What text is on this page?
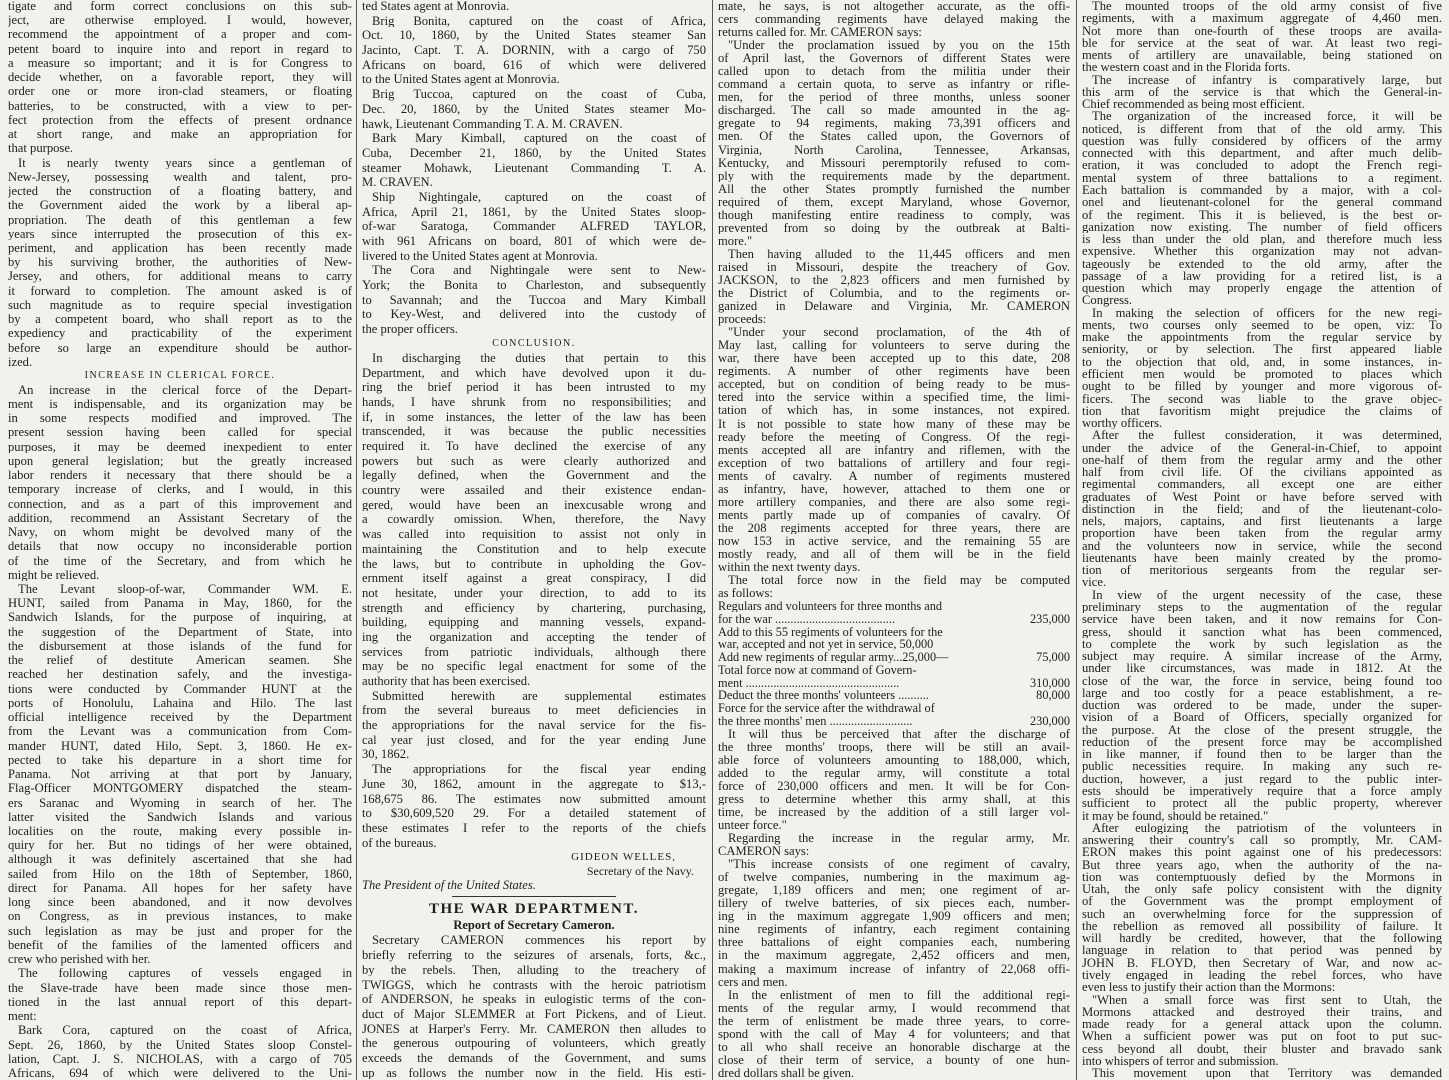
tigate and form correct conclusions on this sub-
ject, are otherwise employed. I would, however,
recommend the appointment of a proper and com-
petent board to inquire into and report in regard to
a measure so important; and it is for Congress to
decide whether, on a favorable report, they will
order one or more iron-clad steamers, or floating
batteries, to be constructed, with a view to per-
fect protection from the effects of present ordnance
at short range, and make an appropriation for
that purpose.
It is nearly twenty years since a gentleman of
New-Jersey, possessing wealth and talent, pro-
jected the construction of a floating battery, and
the Government aided the work by a liberal ap-
propriation. The death of this gentleman a few
years since interrupted the prosecution of this ex-
periment, and application has been recently made
by his surviving brother, the authorities of New-
Jersey, and others, for additional means to carry
it forward to completion. The amount asked is of
such magnitude as to require special investigation
by a competent board, who shall report as to the
expediency and practicability of the experiment
before so large an expenditure should be author-
ized.
INCREASE IN CLERICAL FORCE.
An increase in the clerical force of the Depart-
ment is indispensable, and its organization may be
in some respects modified and improved. The
present session having been called for special
purposes, it may be deemed inexpedient to enter
upon general legislation; but the greatly increased
labor renders it necessary that there should be a
temporary increase of clerks, and I would, in this
connection, and as a part of this improvement and
addition, recommend an Assistant Secretary of the
Navy, on whom might be devolved many of the
details that now occupy no inconsiderable portion
of the time of the Secretary, and from which he
might be relieved.
The Levant sloop-of-war, Commander WM. E.
HUNT, sailed from Panama in May, 1860, for the
Sandwich Islands, for the purpose of inquiring, at
the suggestion of the Department of State, into
the disbursement at those islands of the fund for
the relief of destitute American seamen. She
reached her destination safely, and the investiga-
tions were conducted by Commander HUNT at the
ports of Honolulu, Lahaina and Hilo. The last
official intelligence received by the Department
from the Levant was a communication from Com-
mander HUNT, dated Hilo, Sept. 3, 1860. He ex-
pected to take his departure in a short time for
Panama. Not arriving at that port by January,
Flag-Officer MONTGOMERY dispatched the steam-
ers Saranac and Wyoming in search of her. The
latter visited the Sandwich Islands and various
localities on the route, making every possible in-
quiry for her. But no tidings of her were obtained,
although it was definitely ascertained that she had
sailed from Hilo on the 18th of September, 1860,
direct for Panama. All hopes for her safety have
long since been abandoned, and it now devolves
on Congress, as in previous instances, to make
such legislation as may be just and proper for the
benefit of the families of the lamented officers and
crew who perished with her.
The following captures of vessels engaged in
the Slave-trade have been made since those men-
tioned in the last annual report of this depart-
ment:
Bark Cora, captured on the coast of Africa,
Sept. 26, 1860, by the United States sloop Constel-
lation, Capt. J. S. NICHOLAS, with a cargo of 705
Africans, 694 of which were delivered to the Uni-
ted States agent at Monrovia.
Brig Bonita, captured on the coast of Africa,
Oct. 10, 1860, by the United States steamer San
Jacinto, Capt. T. A. DORNIN, with a cargo of 750
Africans on board, 616 of which were delivered
to the United States agent at Monrovia.
Brig Tuccoa, captured on the coast of Cuba,
Dec. 20, 1860, by the United States steamer Mo-
hawk, Lieutenant Commanding T. A. M. CRAVEN.
Bark Mary Kimball, captured on the coast of
Cuba, December 21, 1860, by the United States
steamer Mohawk, Lieutenant Commanding T. A.
M. CRAVEN.
Ship Nightingale, captured on the coast of
Africa, April 21, 1861, by the United States sloop-
of-war Saratoga, Commander ALFRED TAYLOR,
with 961 Africans on board, 801 of which were de-
livered to the United States agent at Monrovia.
The Cora and Nightingale were sent to New-
York; the Bonita to Charleston, and subsequently
to Savannah; and the Tuccoa and Mary Kimball
to Key-West, and delivered into the custody of
the proper officers.
CONCLUSION.
In discharging the duties that pertain to this
Department, and which have devolved upon it du-
ring the brief period it has been intrusted to my
hands, I have shrunk from no responsibilities; and
if, in some instances, the letter of the law has been
transcended, it was because the public necessities
required it. To have declined the exercise of any
powers but such as were clearly authorized and
legally defined, when the Government and the
country were assailed and their existence endan-
gered, would have been an inexcusable wrong and
a cowardly omission. When, therefore, the Navy
was called into requisition to assist not only in
maintaining the Constitution and to help execute
the laws, but to contribute in upholding the Gov-
ernment itself against a great conspiracy, I did
not hesitate, under your direction, to add to its
strength and efficiency by chartering, purchasing,
building, equipping and manning vessels, expand-
ing the organization and accepting the tender of
services from patriotic individuals, although there
may be no specific legal enactment for some of the
authority that has been exercised.
Submitted herewith are supplemental estimates
from the several bureaus to meet deficiencies in
the appropriations for the naval service for the fis-
cal year just closed, and for the year ending June
30, 1862.
The appropriations for the fiscal year ending
June 30, 1862, amount in the aggregate to $13,-
168,675 86. The estimates now submitted amount
to $30,609,520 29. For a detailed statement of
these estimates I refer to the reports of the chiefs
of the bureaus.
GIDEON WELLES,
Secretary of the Navy.
The President of the United States.
THE WAR DEPARTMENT.
Report of Secretary Cameron.
Secretary CAMERON commences his report by
briefly referring to the seizures of arsenals, forts, &c.,
by the rebels. Then, alluding to the treachery of
TWIGGS, which he contrasts with the heroic patriotism
of ANDERSON, he speaks in eulogistic terms of the con-
duct of Major SLEMMER at Fort Pickens, and of Lieut.
JONES at Harper's Ferry. Mr. CAMERON then alludes to
the generous outpouring of volunteers, which greatly
exceeds the demands of the Government, and sums
up as follows the number now in the field. His esti-
mate, he says, is not altogether accurate, as the offi-
cers commanding regiments have delayed making the
returns called for. Mr. CAMERON says:
"Under the proclamation issued by you on the 15th
of April last, the Governors of different States were
called upon to detach from the militia under their
command a certain quota, to serve as infantry or rifle-
men, for the period of three months, unless sooner
discharged. The call so made amounted in the ag-
gregate to 94 regiments, making 73,391 officers and
men. Of the States called upon, the Governors of
Virginia, North Carolina, Tennessee, Arkansas,
Kentucky, and Missouri peremptorily refused to com-
ply with the requirements made by the department.
All the other States promptly furnished the number
required of them, except Maryland, whose Governor,
though manifesting entire readiness to comply, was
prevented from so doing by the outbreak at Balti-
more."
Then having alluded to the 11,445 officers and men
raised in Missouri, despite the treachery of Gov.
JACKSON, to the 2,823 officers and men furnished by
the District of Columbia, and to the regiments or-
ganized in Delaware and Virginia, Mr. CAMERON
proceeds:
"Under your second proclamation, of the 4th of
May last, calling for volunteers to serve during the
war, there have been accepted up to this date, 208
regiments. A number of other regiments have been
accepted, but on condition of being ready to be mus-
tered into the service within a specified time, the limi-
tation of which has, in some instances, not expired.
It is not possible to state how many of these may be
ready before the meeting of Congress. Of the regi-
ments accepted all are infantry and riflemen, with the
exception of two battalions of artillery and four regi-
ments of cavalry. A number of regiments mustered
as infantry, have, however, attached to them one or
more artillery companies, and there are also some regi-
ments partly made up of companies of cavalry. Of
the 208 regiments accepted for three years, there are
now 153 in active service, and the remaining 55 are
mostly ready, and all of them will be in the field
within the next twenty days.
The total force now in the field may be computed
as follows:
Regulars and volunteers for three months and
for the war .......................................	235,000
Add to this 55 regiments of volunteers for the
war, accepted and not yet in service, 50,000
Add new regiments of regular army...25,000—	75,000
Total force now at command of Govern-
ment ..................................................	310,000
Deduct the three months' volunteers ..........	80,000
Force for the service after the withdrawal of
the three months' men ...........................	230,000
It will thus be perceived that after the discharge of
the three months' troops, there will be still an avail-
able force of volunteers amounting to 188,000, which,
added to the regular army, will constitute a total
force of 230,000 officers and men. It will be for Con-
gress to determine whether this army shall, at this
time, be increased by the addition of a still larger vol-
unteer force."
Regarding the increase in the regular army, Mr.
CAMERON says:
"This increase consists of one regiment of cavalry,
of twelve companies, numbering in the maximum ag-
gregate, 1,189 officers and men; one regiment of ar-
tillery of twelve batteries, of six pieces each, number-
ing in the maximum aggregate 1,909 officers and men;
nine regiments of infantry, each regiment containing
three battalions of eight companies each, numbering
in the maximum aggregate, 2,452 officers and men,
making a maximum increase of infantry of 22,068 offi-
cers and men.
In the enlistment of men to fill the additional regi-
ments of the regular army, I would recommend that
the term of enlistment be made three years, to corre-
spond with the call of May 4 for volunteers; and that
to all who shall receive an honorable discharge at the
close of their term of service, a bounty of one hun-
dred dollars shall be given.
The mounted troops of the old army consist of five
regiments, with a maximum aggregate of 4,460 men.
Not more than one-fourth of these troops are availa-
ble for service at the seat of war. At least two regi-
ments of artillery are unavailable, being stationed on
the western coast and in the Florida forts.
The increase of infantry is comparatively large, but
this arm of the service is that which the General-in-
Chief recommended as being most efficient.
The organization of the increased force, it will be
noticed, is different from that of the old army. This
question was fully considered by officers of the army
connected with this department, and after much delib-
eration, it was concluded to adopt the French regi-
mental system of three battalions to a regiment.
Each battalion is commanded by a major, with a col-
onel and lieutenant-colonel for the general command
of the regiment. This it is believed, is the best or-
ganization now existing. The number of field officers
is less than under the old plan, and therefore much less
expensive. Whether this organization may not advan-
tageously be extended to the old army, after the
passage of a law providing for a retired list, is a
question which may properly engage the attention of
Congress.
In making the selection of officers for the new regi-
ments, two courses only seemed to be open, viz: To
make the appointments from the regular service by
seniority, or by selection. The first appeared liable
to the objection that old, and, in some instances, in-
efficient men would be promoted to places which
ought to be filled by younger and more vigorous of-
ficers. The second was liable to the grave objec-
tion that favoritism might prejudice the claims of
worthy officers.
After the fullest consideration, it was determined,
under the advice of the General-in-Chief, to appoint
one-half of them from the regular army and the other
half from civil life. Of the civilians appointed as
regimental commanders, all except one are either
graduates of West Point or have before served with
distinction in the field; and of the lieutenant-colo-
nels, majors, captains, and first lieutenants a large
proportion have been taken from the regular army
and the volunteers now in service, while the second
lieutenants have been mainly created by the promo-
tion of meritorious sergeants from the regular ser-
vice.
In view of the urgent necessity of the case, these
preliminary steps to the augmentation of the regular
service have been taken, and it now remains for Con-
gress, should it sanction what has been commenced,
to complete the work by such legislation as the
subject may require. A similar increase of the Army,
under like circumstances, was made in 1812. At the
close of the war, the force in service, being found too
large and too costly for a peace establishment, a re-
duction was ordered to be made, under the super-
vision of a Board of Officers, specially organized for
the purpose. At the close of the present struggle, the
reduction of the present force may be accomplished
in like manner, if found then to be larger than the
public necessities require. In making any such re-
duction, however, a just regard to the public inter-
ests should be imperatively require that a force amply
sufficient to protect all the public property, wherever
it may be found, should be retained."
After eulogizing the patriotism of the volunteers in
answering their country's call so promptly, Mr. CAM-
ERON makes this point against one of his predecessors:
But three years ago, when the authority of the na-
tion was contemptuously defied by the Mormons in
Utah, the only safe policy consistent with the dignity
of the Government was the prompt employment of
such an overwhelming force for the suppression of
the rebellion as removed all possibility of failure. It
will hardly be credited, however, that the following
language in relation to that period was penned by
JOHN B. FLOYD, then Secretary of War, and now ac-
tively engaged in leading the rebel forces, who have
even less to justify their action than the Mormons:
"When a small force was first sent to Utah, the
Mormons attacked and destroyed their trains, and
made ready for a general attack upon the column.
When a sufficient power was put on foot to put suc-
cess beyond all doubt, their bluster and bravado sank
into whispers of terror and submission.
This movement upon that Territory was demanded
